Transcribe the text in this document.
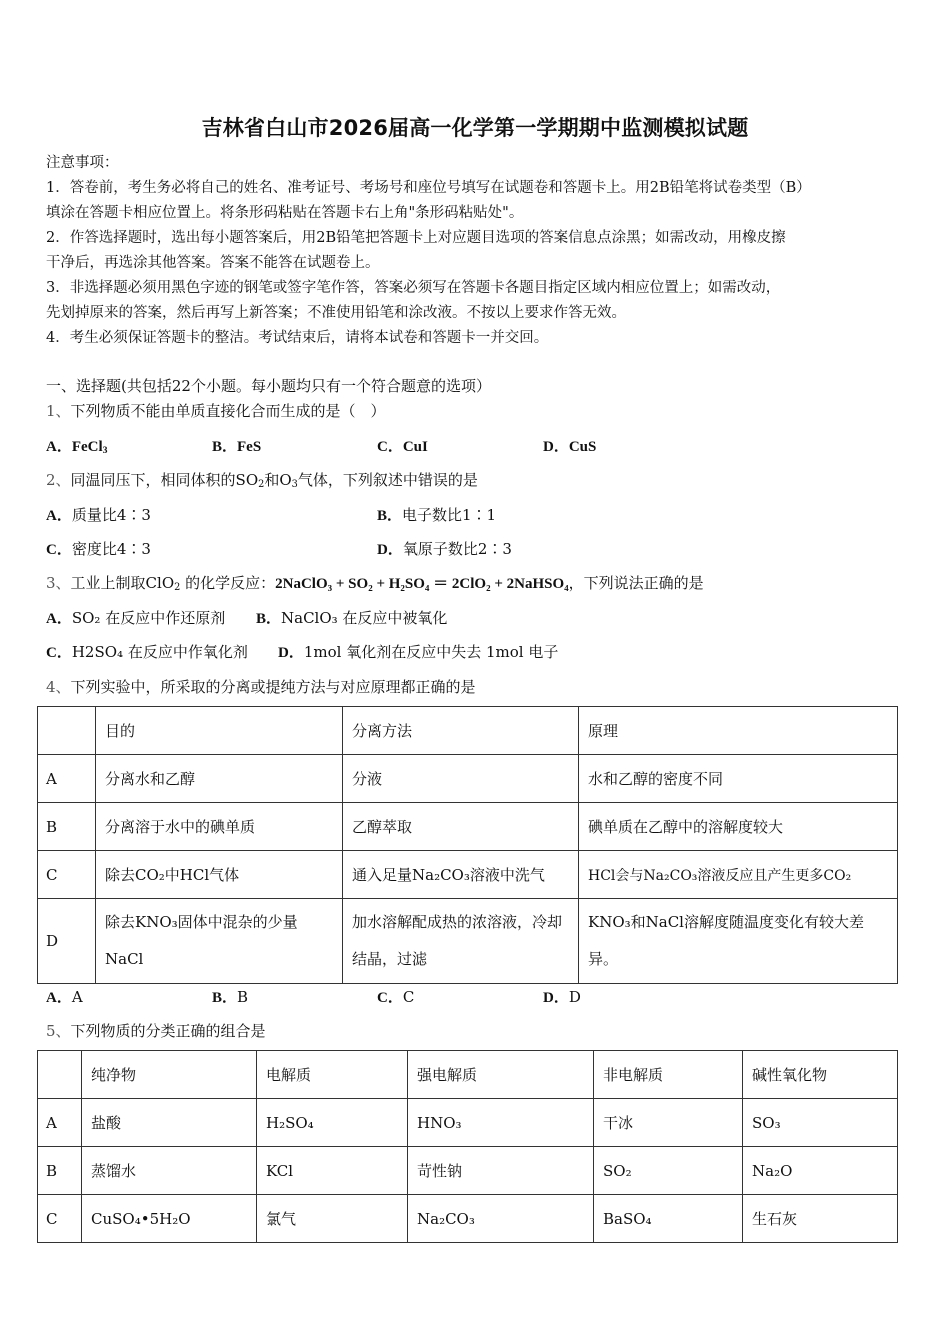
吉林省白山市2026届高一化学第一学期期中监测模拟试题
注意事项：
1．答卷前，考生务必将自己的姓名、准考证号、考场号和座位号填写在试题卷和答题卡上。用2B铅笔将试卷类型（B）
填涂在答题卡相应位置上。将条形码粘贴在答题卡右上角"条形码粘贴处"。
2．作答选择题时，选出每小题答案后，用2B铅笔把答题卡上对应题目选项的答案信息点涂黑；如需改动，用橡皮擦
干净后，再选涂其他答案。答案不能答在试题卷上。
3．非选择题必须用黑色字迹的钢笔或签字笔作答，答案必须写在答题卡各题目指定区域内相应位置上；如需改动，
先划掉原来的答案，然后再写上新答案；不准使用铅笔和涂改液。不按以上要求作答无效。
4．考生必须保证答题卡的整洁。考试结束后，请将本试卷和答题卡一并交回。
一、选择题(共包括22个小题。每小题均只有一个符合题意的选项）
1、下列物质不能由单质直接化合而生成的是（　）
A．FeCl$_3$	B．FeS	C．CuI	D．CuS
2、同温同压下，相同体积的$SO_2$和$O_3$气体，下列叙述中错误的是
A．质量比4∶3	B．电子数比1∶1
C．密度比4∶3	D．氧原子数比2∶3
3、工业上制取ClO$_2$ 的化学反应：2NaClO₃ + SO₂ + H₂SO₄ ＝ 2ClO₂ + 2NaHSO₄，下列说法正确的是
A．SO₂ 在反应中作还原剂 B．NaClO₃ 在反应中被氧化
C．H2SO₄ 在反应中作氧化剂 D．1mol 氧化剂在反应中失去 1mol 电子
4、下列实验中，所采取的分离或提纯方法与对应原理都正确的是
	目的	分离方法	原理
A	分离水和乙醇	分液	水和乙醇的密度不同
B	分离溶于水中的碘单质	乙醇萃取	碘单质在乙醇中的溶解度较大
C	除去CO₂中HCl气体	通入足量Na₂CO₃溶液中洗气	HCl会与Na₂CO₃溶液反应且产生更多CO₂
D	除去KNO₃固体中混杂的少量NaCl	加水溶解配成热的浓溶液，冷却结晶，过滤	KNO₃和NaCl溶解度随温度变化有较大差异。
A．A	B．B	C．C	D．D
5、下列物质的分类正确的组合是
	纯净物	电解质	强电解质	非电解质	碱性氧化物
A	盐酸	H₂SO₄	HNO₃	干冰	SO₃
B	蒸馏水	KCl	苛性钠	SO₂	Na₂O
C	CuSO₄•5H₂O	氯气	Na₂CO₃	BaSO₄	生石灰
